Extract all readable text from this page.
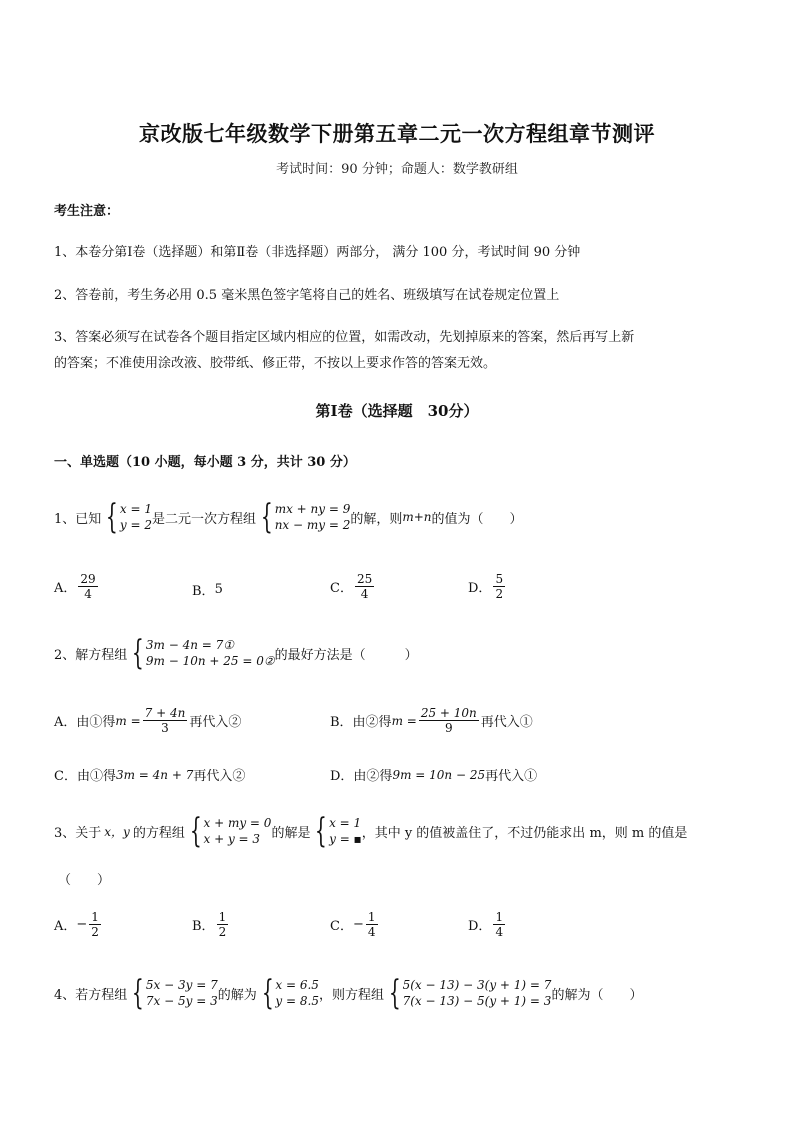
京改版七年级数学下册第五章二元一次方程组章节测评
考试时间：90 分钟；命题人：数学教研组
考生注意：
1、本卷分第Ⅰ卷（选择题）和第Ⅱ卷（非选择题）两部分， 满分 100 分，考试时间 90 分钟
2、答卷前，考生务必用 0.5 毫米黑色签字笔将自己的姓名、班级填写在试卷规定位置上
3、答案必须写在试卷各个题目指定区域内相应的位置，如需改动，先划掉原来的答案，然后再写上新
的答案；不准使用涂改液、胶带纸、修正带，不按以上要求作答的答案无效。
第Ⅰ卷（选择题　30分）
一、单选题（10 小题，每小题 3 分，共计 30 分）
1、已知 { x = 1
y = 2 是二元一次方程组 { mx + ny = 9
nx − my = 2 的解，则 m+n 的值为（　　）
A． $\frac{29}{4}$	B． 5	C． $\frac{25}{4}$	D． $\frac{5}{2}$
2、解方程组 { 3m − 4n = 7①
9m − 10n + 25 = 0② 的最好方法是（　　　）
A．由①得 $m = \frac{7 + 4n}{3}$ 再代入②	B．由②得 $m = \frac{25 + 10n}{9}$ 再代入①
C．由①得 3m = 4n + 7 再代入②	D．由②得 9m = 10n − 25 再代入①
3、关于 x，y 的方程组 { x + my = 0
x + y = 3 的解是 { x = 1
y = ▪ ，其中 y 的值被盖住了，不过仍能求出 m，则 m 的值是
（　　）
A． − $\frac{1}{2}$	B． $\frac{1}{2}$	C． − $\frac{1}{4}$	D． $\frac{1}{4}$
4、若方程组 { 5x − 3y = 7
7x − 5y = 3 的解为 { x = 6.5
y = 8.5 ，则方程组 { 5(x − 13) − 3(y + 1) = 7
7(x − 13) − 5(y + 1) = 3 的解为（　　）
